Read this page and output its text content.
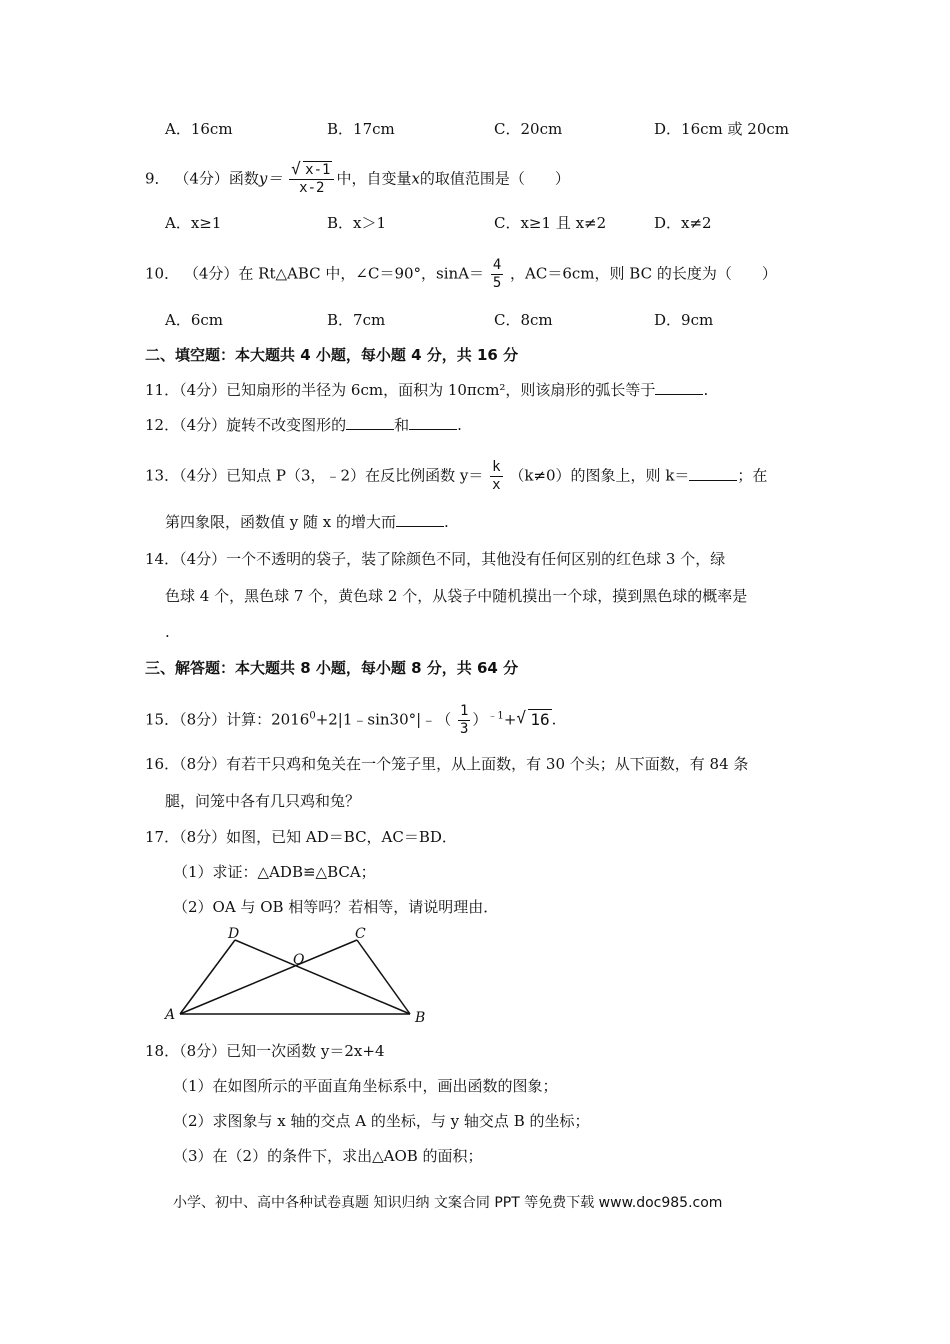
A．16cm	B．17cm	C．20cm	D．16cm 或 20cm
9． （4分）函数$y= \frac{√ x-1}{x-2}$ 中，自变量x的取值范围是（　　）
A．x≥1	B．x＞1	C．x≥1 且 x≠2	D．x≠2
10． （4分）在 Rt△ABC 中，∠C＝90°，$\sin A= \frac{4}{5}$ ，AC＝6cm，则 BC 的长度为（　　）
A．6cm	B．7cm	C．8cm	D．9cm
二、填空题：本大题共 4 小题，每小题 4 分，共 16 分
11．（4分）已知扇形的半径为 6cm，面积为 10πcm²，则该扇形的弧长等于	.
12．（4分）旋转不改变图形的	和	.
13．（4分）已知点 P（3，﹣2）在反比例函数 $y= \frac{k}{x} (k\ne 0)$的图象上，则 k＝	；在
第四象限，函数值 y 随 x 的增大而	.
14．（4分）一个不透明的袋子，装了除颜色不同，其他没有任何区别的红色球 3 个，绿
色球 4 个，黑色球 7 个，黄色球 2 个，从袋子中随机摸出一个球，摸到黑色球的概率是
.
三、解答题：本大题共 8 小题，每小题 8 分，共 64 分
15．（8分）计算：$2016^0+2|1﹣\sin 30^\circ|﹣( \frac{1}{3} )^{﹣1}+$ √ 16 .
16．（8分）有若干只鸡和兔关在一个笼子里，从上面数，有 30 个头；从下面数，有 84 条
腿，问笼中各有几只鸡和兔？
17．（8分）如图，已知 AD＝BC，AC＝BD．
（1）求证：△ADB≌△BCA；
（2）OA 与 OB 相等吗？若相等，请说明理由．
D	C
O
A	B
18．（8分）已知一次函数 y＝2x+4
（1）在如图所示的平面直角坐标系中，画出函数的图象；
（2）求图象与 x 轴的交点 A 的坐标，与 y 轴交点 B 的坐标；
（3）在（2）的条件下，求出△AOB 的面积；
小学、初中、高中各种试卷真题 知识归纳 文案合同 PPT 等免费下载 www.doc985.com
